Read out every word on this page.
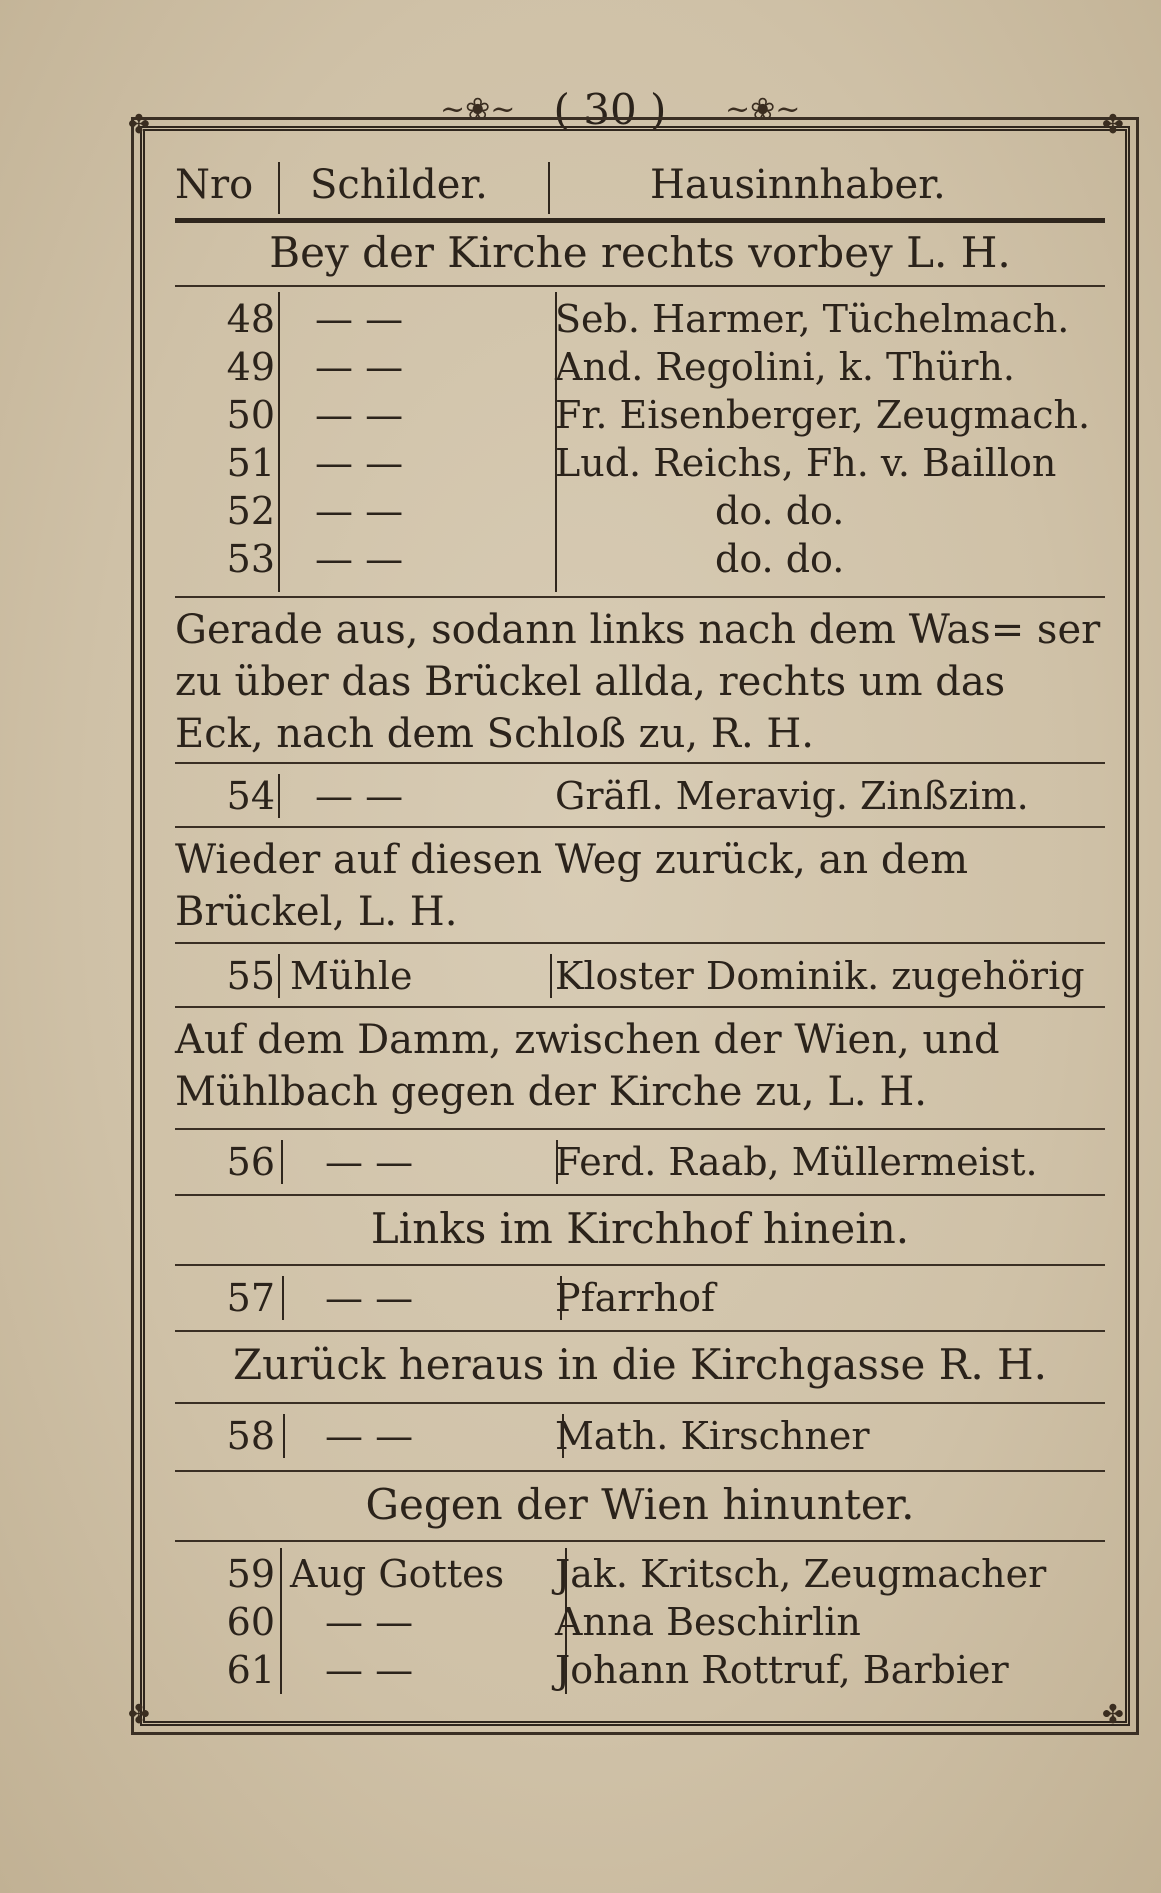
~❀~ ( 30 )	~❀~
✤	✤
✤	✤
Nro Schilder.	Hausinnhaber.
Bey der Kirche rechts vorbey L. H.
48 — —	Seb. Harmer, Tüchelmach.
49 — —	And. Regolini, k. Thürh.
50 — —	Fr. Eisenberger, Zeugmach.
51 — —	Lud. Reichs, Fh. v. Baillon
52 — —	do. do.
53 — —	do. do.
Gerade aus, sodann links nach dem Was= ser zu über das Brückel allda, rechts um das Eck, nach dem Schloß zu, R. H.
54 — —	Gräfl. Meravig. Zinßzim.
Wieder auf diesen Weg zurück, an dem Brückel, L. H.
55 Mühle	Kloster Dominik. zugehörig
Auf dem Damm, zwischen der Wien, und Mühlbach gegen der Kirche zu, L. H.
56 — —	Ferd. Raab, Müllermeist.
Links im Kirchhof hinein.
57 — —	Pfarrhof
Zurück heraus in die Kirchgasse R. H.
58 — —	Math. Kirschner
Gegen der Wien hinunter.
59 Aug Gottes	Jak. Kritsch, Zeugmacher
60 — —	Anna Beschirlin
61 — —	Johann Rottruf, Barbier
